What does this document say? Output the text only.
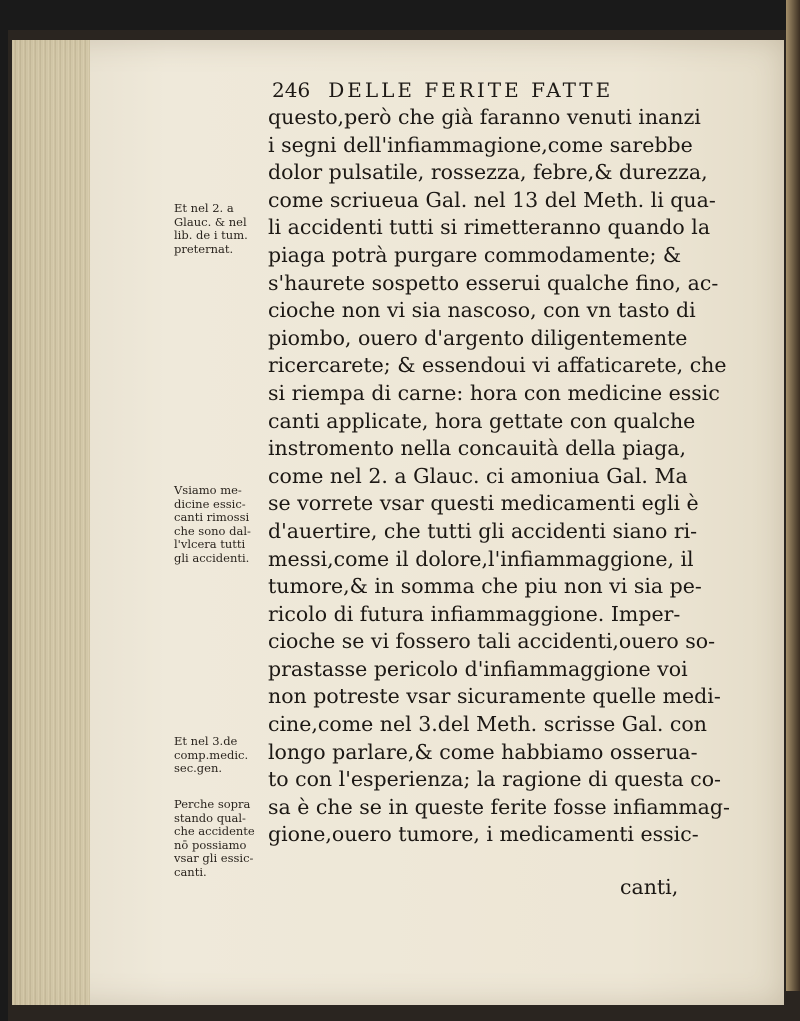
246 DELLE FERITE FATTE
questo,però che già faranno venuti inanzi
i segni dell'infiammagione,come sarebbe
dolor pulsatile, rossezza, febre,& durezza,
come scriueua Gal. nel 13 del Meth. li qua-
li accidenti tutti si rimetteranno quando la
piaga potrà purgare commodamente; &
s'haurete sospetto esserui qualche fino, ac-
cioche non vi sia nascoso, con vn tasto di
piombo, ouero d'argento diligentemente
ricercarete; & essendoui vi affaticarete, che
si riempa di carne: hora con medicine essic
canti applicate, hora gettate con qualche
instromento nella concauità della piaga,
come nel 2. a Glauc. ci amoniua Gal. Ma
se vorrete vsar questi medicamenti egli è
d'auertire, che tutti gli accidenti siano ri-
messi,come il dolore,l'infiammaggione, il
tumore,& in somma che piu non vi sia pe-
ricolo di futura infiammaggione. Imper-
cioche se vi fossero tali accidenti,ouero so-
prastasse pericolo d'infiammaggione voi
non potreste vsar sicuramente quelle medi-
cine,come nel 3.del Meth. scrisse Gal. con
longo parlare,& come habbiamo osserua-
to con l'esperienza; la ragione di questa co-
sa è che se in queste ferite fosse infiammag-
gione,ouero tumore, i medicamenti essic-
canti,
Et nel 2. a
Glauc. & nel
lib. de i tum.
preternat.
Vsiamo me-
dicine essic-
canti rimossi
che sono dal-
l'vlcera tutti
gli accidenti.
Et nel 3.de
comp.medic.
sec.gen.
Perche sopra
stando qual-
che accidente
nō possiamo
vsar gli essic-
canti.
